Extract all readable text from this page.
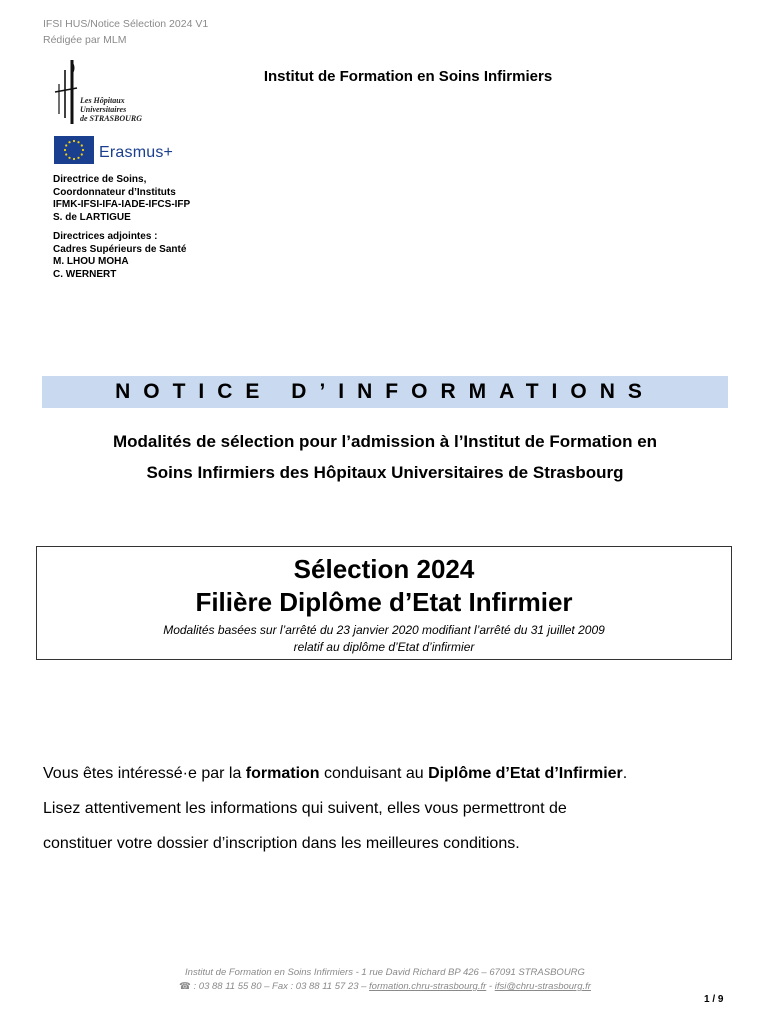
IFSI HUS/Notice Sélection 2024 V1
Rédigée par MLM
Institut de Formation en Soins Infirmiers
Les Hôpitaux
Universitaires
de STRASBOURG
Erasmus+
Directrice de Soins,
Coordonnateur d’Instituts
IFMK-IFSI-IFA-IADE-IFCS-IFP
S. de LARTIGUE
Directrices adjointes :
Cadres Supérieurs de Santé
M. LHOU MOHA
C. WERNERT
NOTICE D’INFORMATIONS
Modalités de sélection pour l’admission à l’Institut de Formation en
Soins Infirmiers des Hôpitaux Universitaires de Strasbourg
Sélection 2024
Filière Diplôme d’Etat Infirmier
Modalités basées sur l’arrêté du 23 janvier 2020 modifiant l’arrêté du 31 juillet 2009
relatif au diplôme d’Etat d’infirmier
Vous êtes intéressé·e par la formation conduisant au Diplôme d’Etat d’Infirmier.
Lisez attentivement les informations qui suivent, elles vous permettront de
constituer votre dossier d’inscription dans les meilleures conditions.
Institut de Formation en Soins Infirmiers - 1 rue David Richard BP 426 – 67091 STRASBOURG
☎ : 03 88 11 55 80 – Fax : 03 88 11 57 23 – formation.chru-strasbourg.fr - ifsi@chru-strasbourg.fr
1 / 9
